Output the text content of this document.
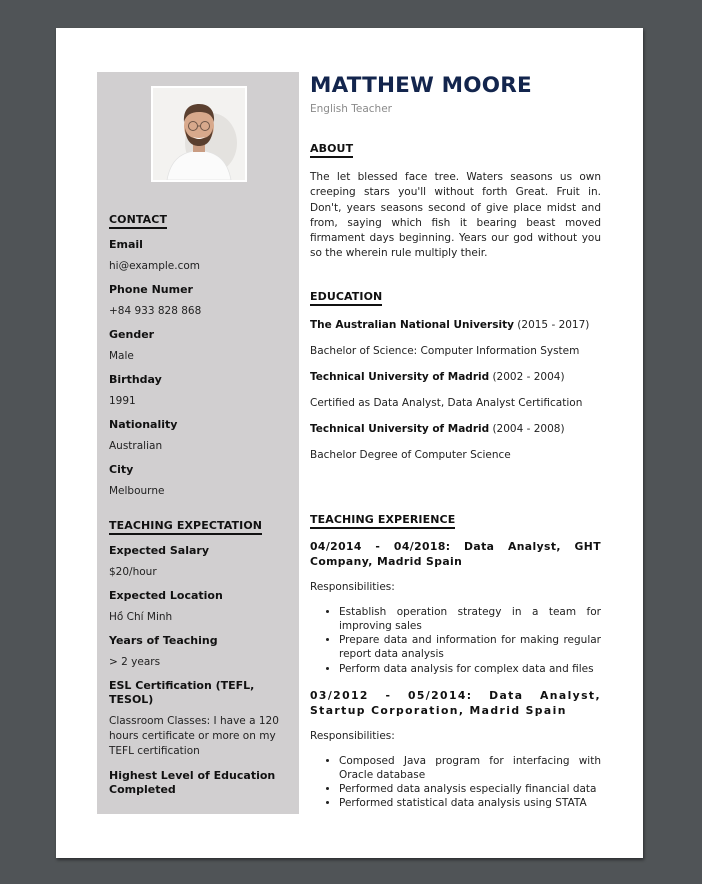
CONTACT
Email
hi@example.com
Phone Numer
+84 933 828 868
Gender
Male
Birthday
1991
Nationality
Australian
City
Melbourne
TEACHING EXPECTATION
Expected Salary
$20/hour
Expected Location
Hồ Chí Minh
Years of Teaching
> 2 years
ESL Certification (TEFL, TESOL)
Classroom Classes: I have a 120 hours certificate or more on my TEFL certification
Highest Level of Education Completed
MATTHEW MOORE
English Teacher
ABOUT
The let blessed face tree. Waters seasons us own creeping stars you'll without forth Great. Fruit in. Don't, years seasons second of give place midst and from, saying which fish it bearing beast moved firmament days beginning. Years our god without you so the wherein rule multiply their.
EDUCATION
The Australian National University (2015 - 2017)
Bachelor of Science: Computer Information System
Technical University of Madrid (2002 - 2004)
Certified as Data Analyst, Data Analyst Certification
Technical University of Madrid (2004 - 2008)
Bachelor Degree of Computer Science
TEACHING EXPERIENCE
04/2014 - 04/2018: Data Analyst, GHT Company, Madrid Spain
Responsibilities:
• Establish operation strategy in a team for improving sales
• Prepare data and information for making regular report data analysis
• Perform data analysis for complex data and files
03/2012 - 05/2014: Data Analyst, Startup Corporation, Madrid Spain
Responsibilities:
• Composed Java program for interfacing with Oracle database
• Performed data analysis especially financial data
• Performed statistical data analysis using STATA
